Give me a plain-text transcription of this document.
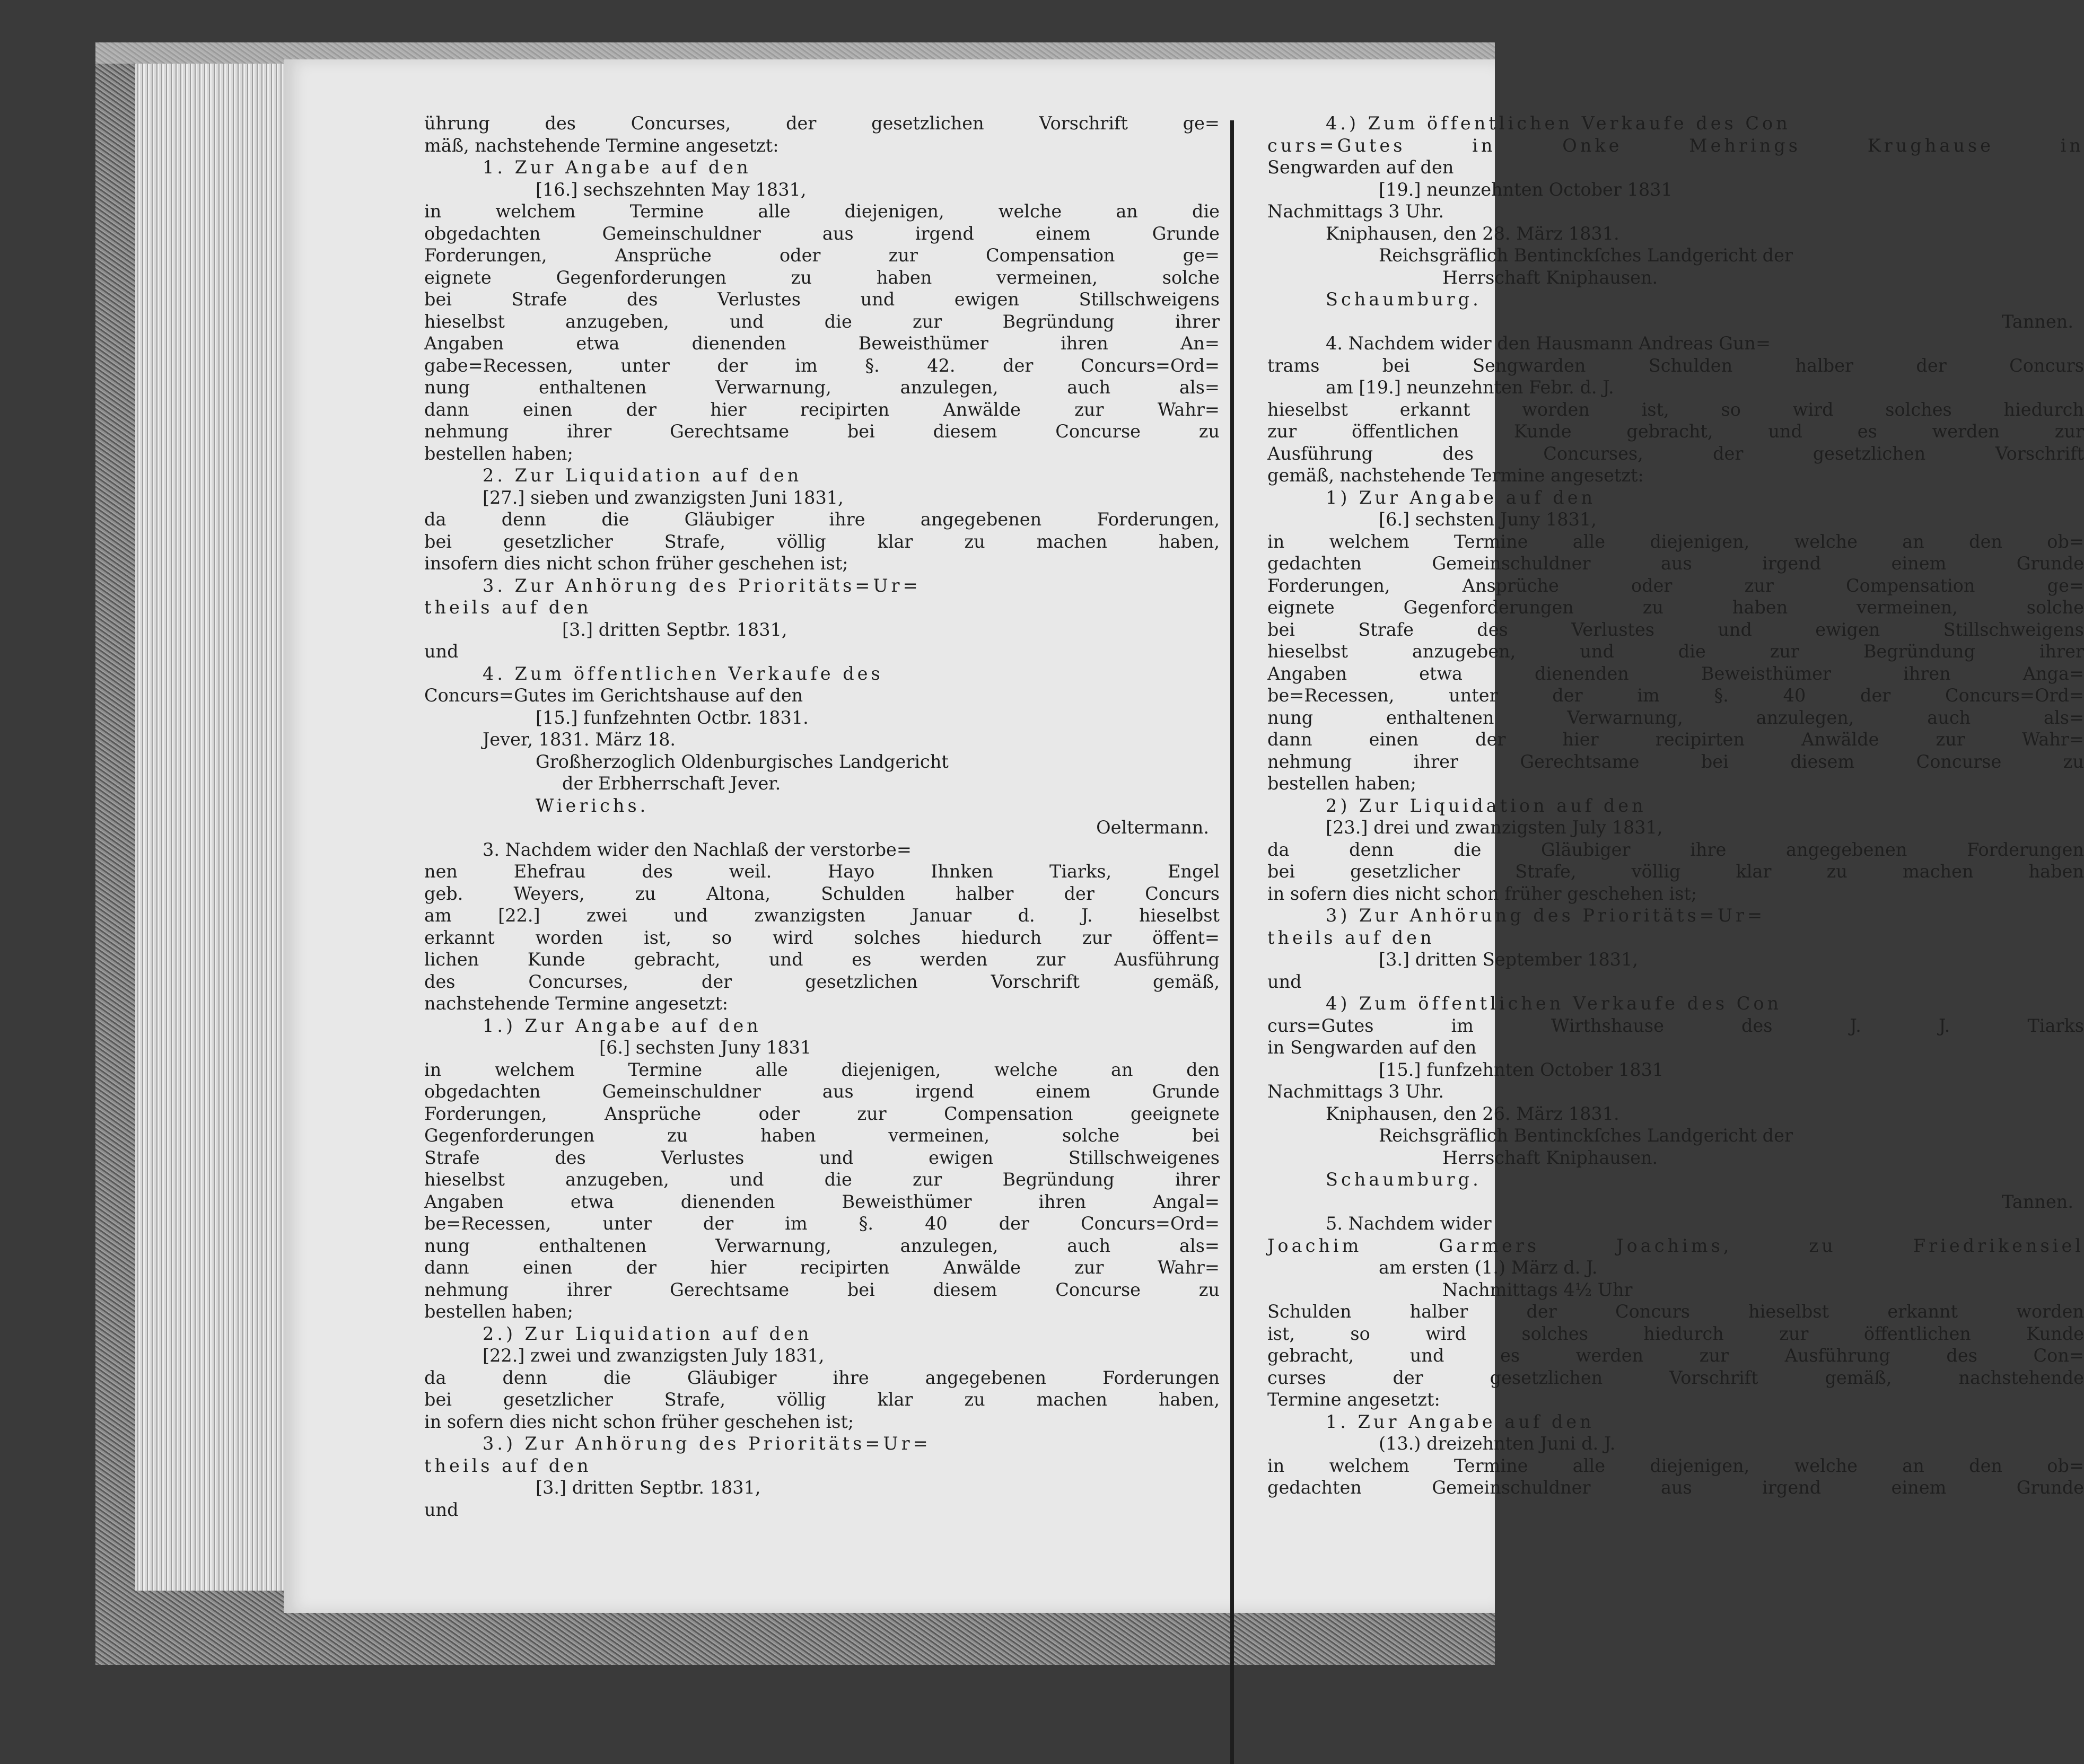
ührung des Concurses, der gesetzlichen Vorschrift ge=
mäß, nachstehende Termine angesetzt:
1. Zur Angabe auf den
[16.] sechszehnten May 1831,
in welchem Termine alle diejenigen, welche an die
obgedachten Gemeinschuldner aus irgend einem Grunde
Forderungen, Ansprüche oder zur Compensation ge=
eignete Gegenforderungen zu haben vermeinen, solche
bei Strafe des Verlustes und ewigen Stillschweigens
hieselbst anzugeben, und die zur Begründung ihrer
Angaben etwa dienenden Beweisthümer ihren An=
gabe=Recessen, unter der im §. 42. der Concurs=Ord=
nung enthaltenen Verwarnung, anzulegen, auch als=
dann einen der hier recipirten Anwälde zur Wahr=
nehmung ihrer Gerechtsame bei diesem Concurse zu
bestellen haben;
2. Zur Liquidation auf den
[27.] sieben und zwanzigsten Juni 1831,
da denn die Gläubiger ihre angegebenen Forderungen,
bei gesetzlicher Strafe, völlig klar zu machen haben,
insofern dies nicht schon früher geschehen ist;
3. Zur Anhörung des Prioritäts=Ur=
theils auf den
[3.] dritten Septbr. 1831,
und
4. Zum öffentlichen Verkaufe des
Concurs=Gutes im Gerichtshause auf den
[15.] funfzehnten Octbr. 1831.
Jever, 1831. März 18.
Großherzoglich Oldenburgisches Landgericht
der Erbherrschaft Jever.
Wierichs.
Oeltermann.
3. Nachdem wider den Nachlaß der verstorbe=
nen Ehefrau des weil. Hayo Ihnken Tiarks, Engel
geb. Weyers, zu Altona, Schulden halber der Concurs
am [22.] zwei und zwanzigsten Januar d. J. hieselbst
erkannt worden ist, so wird solches hiedurch zur öffent=
lichen Kunde gebracht, und es werden zur Ausführung
des Concurses, der gesetzlichen Vorschrift gemäß,
nachstehende Termine angesetzt:
1.) Zur Angabe auf den
[6.] sechsten Juny 1831
in welchem Termine alle diejenigen, welche an den
obgedachten Gemeinschuldner aus irgend einem Grunde
Forderungen, Ansprüche oder zur Compensation geeignete
Gegenforderungen zu haben vermeinen, solche bei
Strafe des Verlustes und ewigen Stillschweigenes
hieselbst anzugeben, und die zur Begründung ihrer
Angaben etwa dienenden Beweisthümer ihren Angal=
be=Recessen, unter der im §. 40 der Concurs=Ord=
nung enthaltenen Verwarnung, anzulegen, auch als=
dann einen der hier recipirten Anwälde zur Wahr=
nehmung ihrer Gerechtsame bei diesem Concurse zu
bestellen haben;
2.) Zur Liquidation auf den
[22.] zwei und zwanzigsten July 1831,
da denn die Gläubiger ihre angegebenen Forderungen
bei gesetzlicher Strafe, völlig klar zu machen haben,
in sofern dies nicht schon früher geschehen ist;
3.) Zur Anhörung des Prioritäts=Ur=
theils auf den
[3.] dritten Septbr. 1831,
und
4.) Zum öffentlichen Verkaufe des Con
curs=Gutes in Onke Mehrings Krughause in
Sengwarden auf den
[19.] neunzehnten October 1831
Nachmittags 3 Uhr.
Kniphausen, den 28. März 1831.
Reichsgräflich Bentinckſches Landgericht der
Herrschaft Kniphausen.
Schaumburg.
Tannen.
4. Nachdem wider den Hausmann Andreas Gun=
trams bei Sengwarden Schulden halber der Concurs
am [19.] neunzehnten Febr. d. J.
hieselbst erkannt worden ist, so wird solches hiedurch
zur öffentlichen Kunde gebracht, und es werden zur
Ausführung des Concurses, der gesetzlichen Vorschrift
gemäß, nachstehende Termine angesetzt:
1) Zur Angabe auf den
[6.] sechsten Juny 1831,
in welchem Termine alle diejenigen, welche an den ob=
gedachten Gemeinschuldner aus irgend einem Grunde
Forderungen, Ansprüche oder zur Compensation ge=
eignete Gegenforderungen zu haben vermeinen, solche
bei Strafe des Verlustes und ewigen Stillschweigens
hieselbst anzugeben, und die zur Begründung ihrer
Angaben etwa dienenden Beweisthümer ihren Anga=
be=Recessen, unter der im §. 40 der Concurs=Ord=
nung enthaltenen Verwarnung, anzulegen, auch als=
dann einen der hier recipirten Anwälde zur Wahr=
nehmung ihrer Gerechtsame bei diesem Concurse zu
bestellen haben;
2) Zur Liquidation auf den
[23.] drei und zwanzigsten July 1831,
da denn die Gläubiger ihre angegebenen Forderungen
bei gesetzlicher Strafe, völlig klar zu machen haben
in sofern dies nicht schon früher geschehen ist;
3) Zur Anhörung des Prioritäts=Ur=
theils auf den
[3.] dritten September 1831,
und
4) Zum öffentlichen Verkaufe des Con
curs=Gutes im Wirthshause des J. J. Tiarks
in Sengwarden auf den
[15.] funfzehnten October 1831
Nachmittags 3 Uhr.
Kniphausen, den 26. März 1831.
Reichsgräflich Bentinckſches Landgericht der
Herrschaft Kniphausen.
Schaumburg.
Tannen.
5. Nachdem wider
Joachim Garmers Joachims, zu Friedrikensiel
am ersten (1.) März d. J.
Nachmittags 4½ Uhr
Schulden halber der Concurs hieselbst erkannt worden
ist, so wird solches hiedurch zur öffentlichen Kunde
gebracht, und es werden zur Ausführung des Con=
curses der gesetzlichen Vorschrift gemäß, nachstehende
Termine angesetzt:
1. Zur Angabe auf den
(13.) dreizehnten Juni d. J.
in welchem Termine alle diejenigen, welche an den ob=
gedachten Gemeinschuldner aus irgend einem Grunde
